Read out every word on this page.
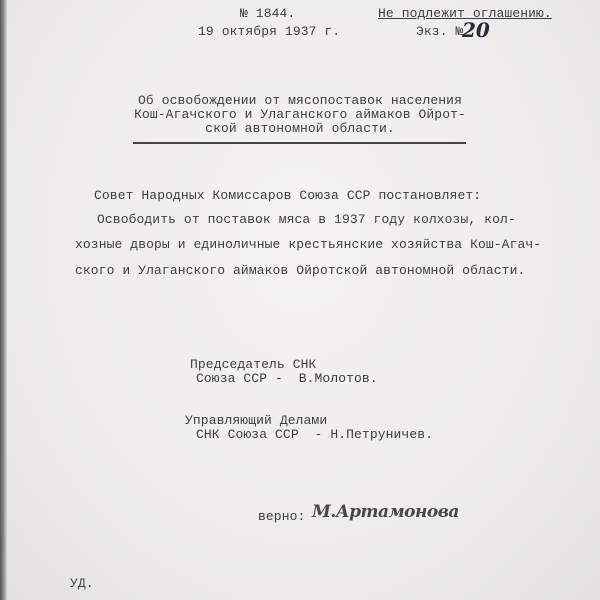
№ 1844.	Не подлежит оглашению.
19 октября 1937 г.	Экз. №
20
Об освобождении от мясопоставок населения
Кош-Агачского и Улаганского аймаков Ойрот-
ской автономной области.
Совет Народных Комиссаров Союза ССР постановляет:
Освободить от поставок мяса в 1937 году колхозы, кол-
хозные дворы и единоличные крестьянские хозяйства Кош-Агач-
ского и Улаганского аймаков Ойротской автономной области.
Председатель СНК
Союза ССР -  В.Молотов.
Управляющий Делами
СНК Союза ССР  - Н.Петруничев.
верно: М.Артамонова
УД.
